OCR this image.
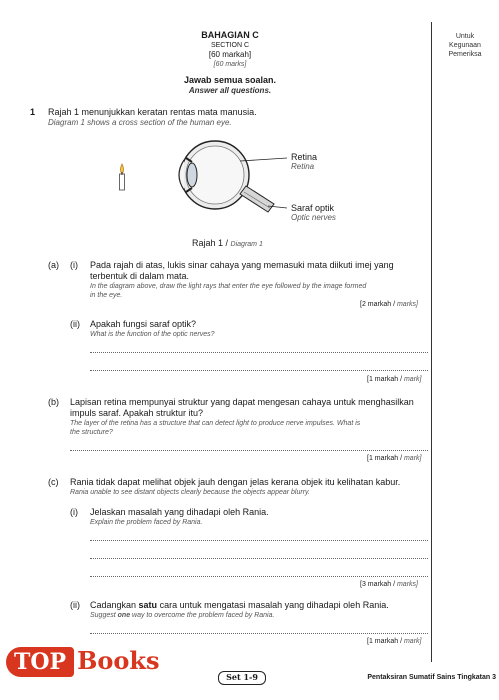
Untuk
Kegunaan
Pemeriksa
BAHAGIAN C
SECTION C
[60 markah]
[60 marks]
Jawab semua soalan.
Answer all questions.
1 Rajah 1 menunjukkan keratan rentas mata manusia.
Diagram 1 shows a cross section of the human eye.
Retina
Retina
Saraf optik
Optic nerves
Rajah 1 / Diagram 1
(a) (i) Pada rajah di atas, lukis sinar cahaya yang memasuki mata diikuti imej yang
terbentuk di dalam mata.
In the diagram above, draw the light rays that enter the eye followed by the image formed
in the eye.
[2 markah / marks]
(ii) Apakah fungsi saraf optik?
What is the function of the optic nerves?
[1 markah / mark]
(b) Lapisan retina mempunyai struktur yang dapat mengesan cahaya untuk menghasilkan
impuls saraf. Apakah struktur itu?
The layer of the retina has a structure that can detect light to produce nerve impulses. What is
the structure?
[1 markah / mark]
(c) Rania tidak dapat melihat objek jauh dengan jelas kerana objek itu kelihatan kabur.
Rania unable to see distant objects clearly because the objects appear blurry.
(i) Jelaskan masalah yang dihadapi oleh Rania.
Explain the problem faced by Rania.
[3 markah / marks]
(ii) Cadangkan satu cara untuk mengatasi masalah yang dihadapi oleh Rania.
Suggest one way to overcome the problem faced by Rania.
[1 markah / mark]
TOP Books
Set 1-9	Pentaksiran Sumatif Sains Tingkatan 3
